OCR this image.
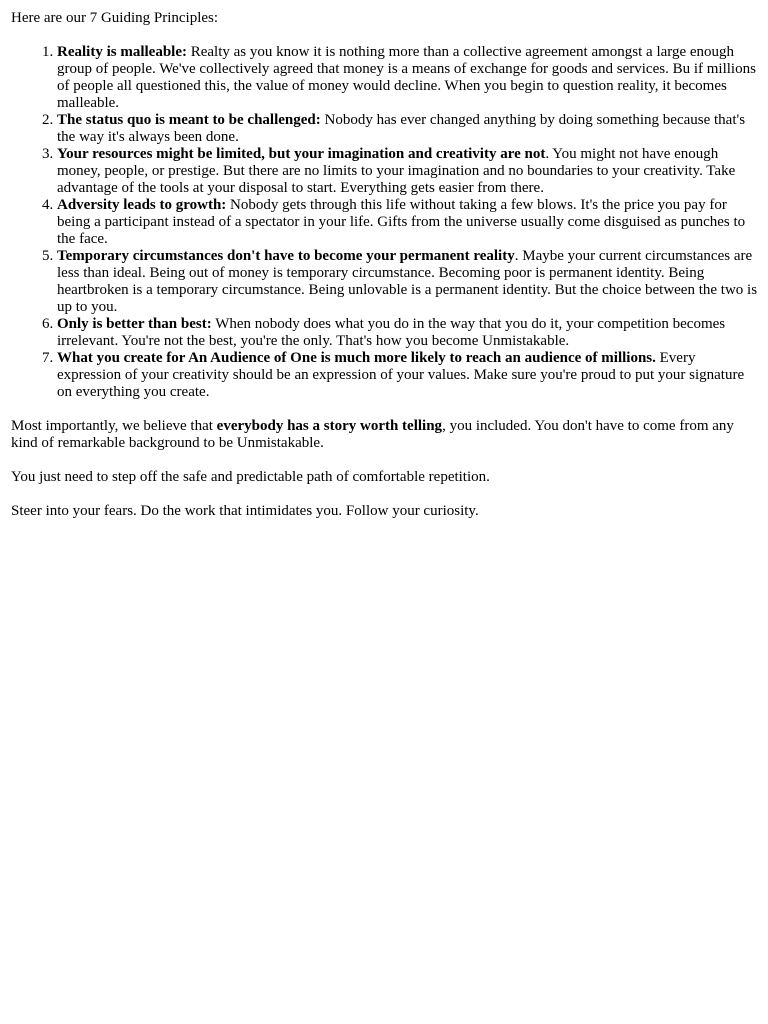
Here are our 7 Guiding Principles:

1. Reality is malleable: Realty as you know it is nothing more than a collective agreement amongst a large enough group of people. We've collectively agreed that money is a means of exchange for goods and services. Bu if millions of people all questioned this, the value of money would decline. When you begin to question reality, it becomes malleable.
2. The status quo is meant to be challenged: Nobody has ever changed anything by doing something because that's the way it's always been done.
3. Your resources might be limited, but your imagination and creativity are not. You might not have enough money, people, or prestige. But there are no limits to your imagination and no boundaries to your creativity. Take advantage of the tools at your disposal to start. Everything gets easier from there.
4. Adversity leads to growth: Nobody gets through this life without taking a few blows. It's the price you pay for being a participant instead of a spectator in your life. Gifts from the universe usually come disguised as punches to the face.
5. Temporary circumstances don't have to become your permanent reality. Maybe your current circumstances are less than ideal. Being out of money is temporary circumstance. Becoming poor is permanent identity. Being heartbroken is a temporary circumstance. Being unlovable is a permanent identity. But the choice between the two is up to you.
6. Only is better than best: When nobody does what you do in the way that you do it, your competition becomes irrelevant. You're not the best, you're the only. That's how you become Unmistakable.
7. What you create for An Audience of One is much more likely to reach an audience of millions. Every expression of your creativity should be an expression of your values. Make sure you're proud to put your signature on everything you create.

Most importantly, we believe that everybody has a story worth telling, you included. You don't have to come from any kind of remarkable background to be Unmistakable.

You just need to step off the safe and predictable path of comfortable repetition.

Steer into your fears. Do the work that intimidates you. Follow your curiosity.
